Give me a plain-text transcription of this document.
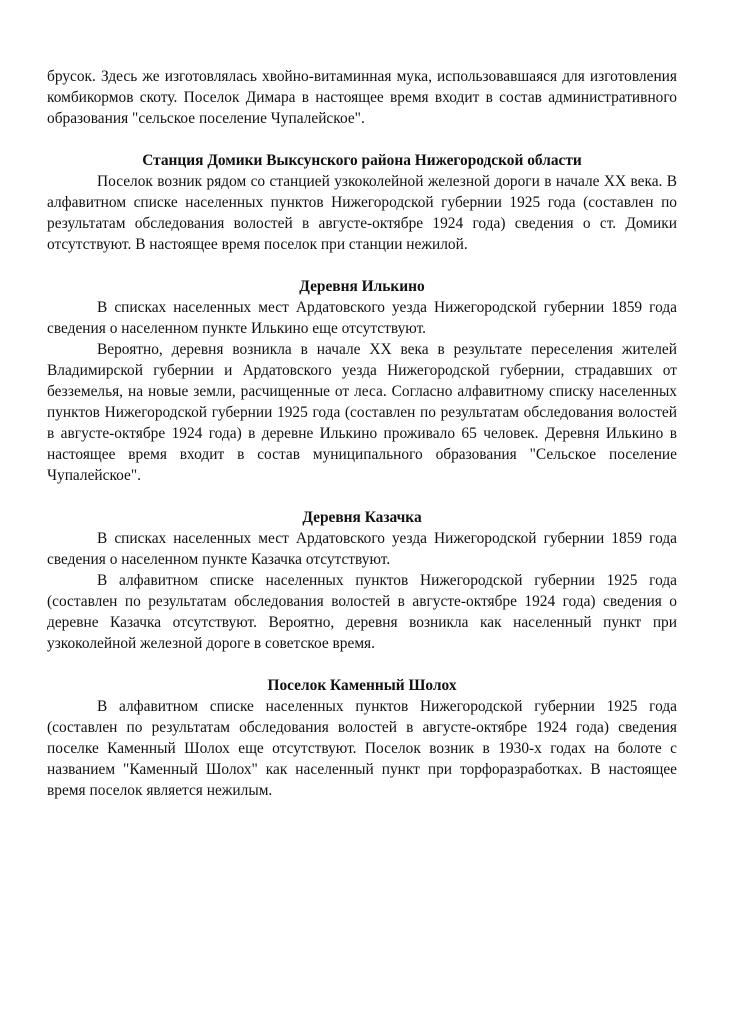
брусок. Здесь же изготовлялась хвойно-витаминная мука, использовавшаяся для изготовления комбикормов скоту. Поселок Димара в настоящее время входит в состав административного образования "сельское поселение Чупалейское".

Станция Домики Выксунского района Нижегородской области

Поселок возник рядом со станцией узкоколейной железной дороги в начале XX века. В алфавитном списке населенных пунктов Нижегородской губернии 1925 года (составлен по результатам обследования волостей в августе-октябре 1924 года) сведения о ст. Домики отсутствуют. В настоящее время поселок при станции нежилой.

Деревня Илькино

В списках населенных мест Ардатовского уезда Нижегородской губернии 1859 года сведения о населенном пункте Илькино еще отсутствуют.

Вероятно, деревня возникла в начале XX века в результате переселения жителей Владимирской губернии и Ардатовского уезда Нижегородской губернии, страдавших от безземелья, на новые земли, расчищенные от леса. Согласно алфавитному списку населенных пунктов Нижегородской губернии 1925 года (составлен по результатам обследования волостей в августе-октябре 1924 года) в деревне Илькино проживало 65 человек. Деревня Илькино в настоящее время входит в состав муниципального образования "Сельское поселение Чупалейское".

Деревня Казачка

В списках населенных мест Ардатовского уезда Нижегородской губернии 1859 года сведения о населенном пункте Казачка отсутствуют.

В алфавитном списке населенных пунктов Нижегородской губернии 1925 года (составлен по результатам обследования волостей в августе-октябре 1924 года) сведения о деревне Казачка отсутствуют. Вероятно, деревня возникла как населенный пункт при узкоколейной железной дороге в советское время.

Поселок Каменный Шолох

В алфавитном списке населенных пунктов Нижегородской губернии 1925 года (составлен по результатам обследования волостей в августе-октябре 1924 года) сведения поселке Каменный Шолох еще отсутствуют. Поселок возник в 1930-х годах на болоте с названием "Каменный Шолох" как населенный пункт при торфоразработках. В настоящее время поселок является нежилым.
